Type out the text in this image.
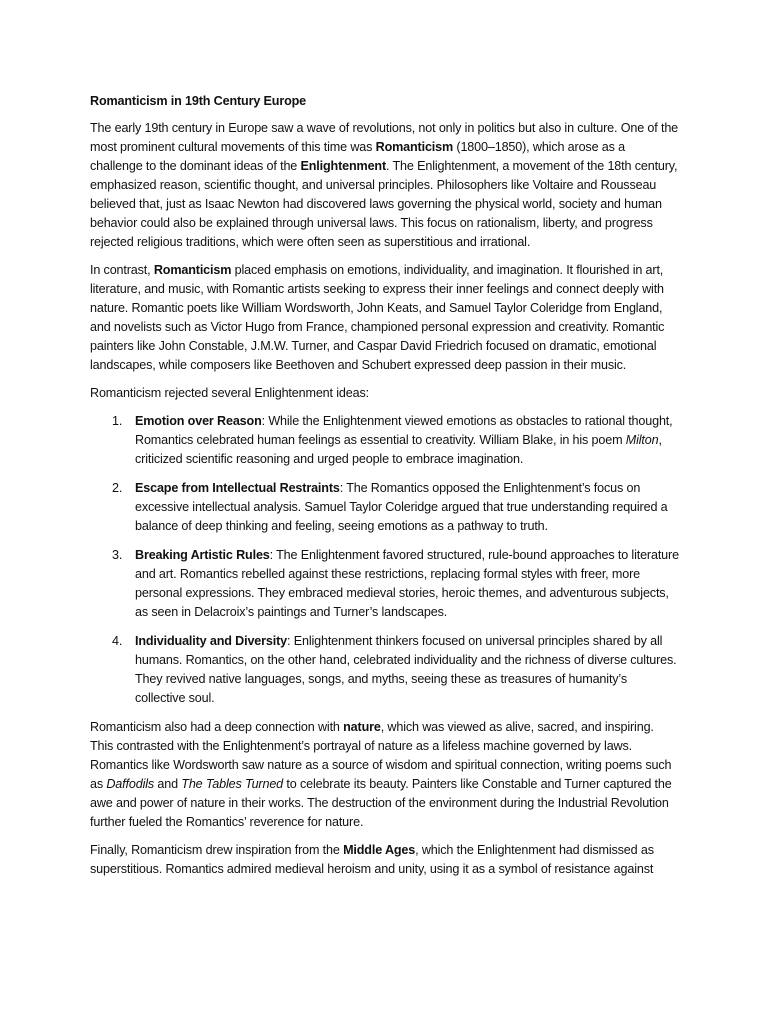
Romanticism in 19th Century Europe

The early 19th century in Europe saw a wave of revolutions, not only in politics but also in culture. One of the most prominent cultural movements of this time was Romanticism (1800–1850), which arose as a challenge to the dominant ideas of the Enlightenment. The Enlightenment, a movement of the 18th century, emphasized reason, scientific thought, and universal principles. Philosophers like Voltaire and Rousseau believed that, just as Isaac Newton had discovered laws governing the physical world, society and human behavior could also be explained through universal laws. This focus on rationalism, liberty, and progress rejected religious traditions, which were often seen as superstitious and irrational.

In contrast, Romanticism placed emphasis on emotions, individuality, and imagination. It flourished in art, literature, and music, with Romantic artists seeking to express their inner feelings and connect deeply with nature. Romantic poets like William Wordsworth, John Keats, and Samuel Taylor Coleridge from England, and novelists such as Victor Hugo from France, championed personal expression and creativity. Romantic painters like John Constable, J.M.W. Turner, and Caspar David Friedrich focused on dramatic, emotional landscapes, while composers like Beethoven and Schubert expressed deep passion in their music.

Romanticism rejected several Enlightenment ideas:

1. Emotion over Reason: While the Enlightenment viewed emotions as obstacles to rational thought, Romantics celebrated human feelings as essential to creativity. William Blake, in his poem Milton, criticized scientific reasoning and urged people to embrace imagination.
2. Escape from Intellectual Restraints: The Romantics opposed the Enlightenment’s focus on excessive intellectual analysis. Samuel Taylor Coleridge argued that true understanding required a balance of deep thinking and feeling, seeing emotions as a pathway to truth.
3. Breaking Artistic Rules: The Enlightenment favored structured, rule-bound approaches to literature and art. Romantics rebelled against these restrictions, replacing formal styles with freer, more personal expressions. They embraced medieval stories, heroic themes, and adventurous subjects, as seen in Delacroix’s paintings and Turner’s landscapes.
4. Individuality and Diversity: Enlightenment thinkers focused on universal principles shared by all humans. Romantics, on the other hand, celebrated individuality and the richness of diverse cultures. They revived native languages, songs, and myths, seeing these as treasures of humanity’s collective soul.

Romanticism also had a deep connection with nature, which was viewed as alive, sacred, and inspiring. This contrasted with the Enlightenment’s portrayal of nature as a lifeless machine governed by laws. Romantics like Wordsworth saw nature as a source of wisdom and spiritual connection, writing poems such as Daffodils and The Tables Turned to celebrate its beauty. Painters like Constable and Turner captured the awe and power of nature in their works. The destruction of the environment during the Industrial Revolution further fueled the Romantics’ reverence for nature.

Finally, Romanticism drew inspiration from the Middle Ages, which the Enlightenment had dismissed as superstitious. Romantics admired medieval heroism and unity, using it as a symbol of resistance against
